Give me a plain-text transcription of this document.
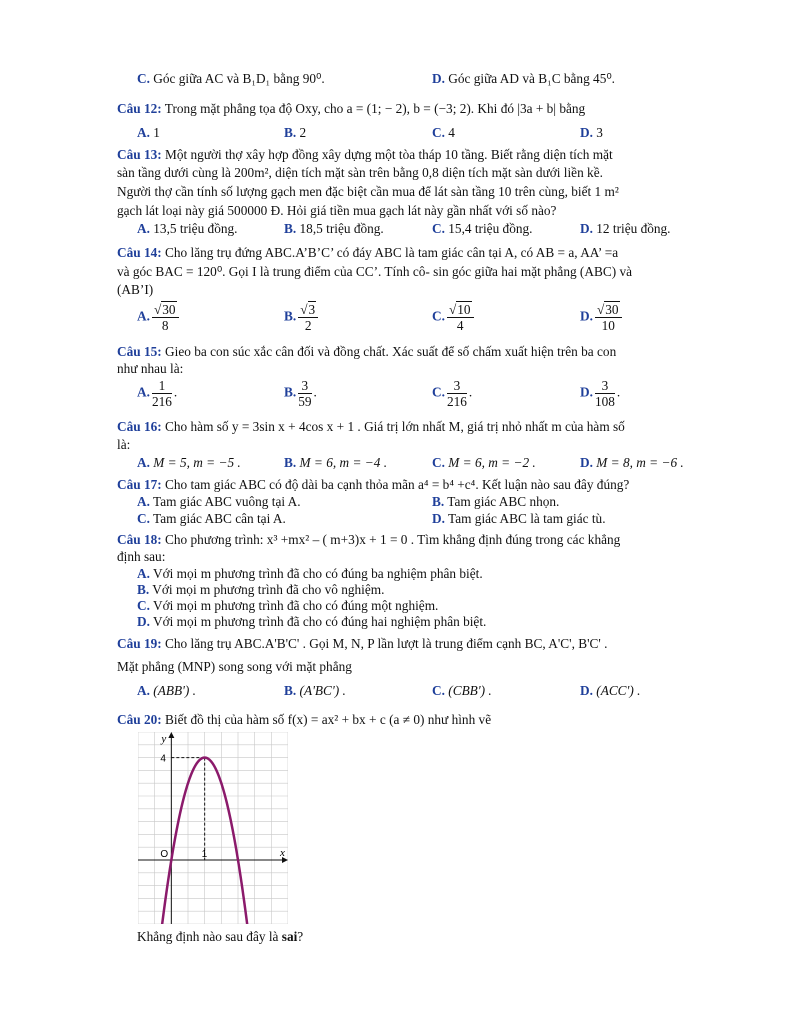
C. Góc giữa AC và B₁D₁ bằng 90⁰.	D. Góc giữa AD và B₁C bằng 45⁰.
Câu 12: Trong mặt phẳng tọa độ Oxy, cho a = (1; − 2), b = (−3; 2). Khi đó |3a + b| bằng
A. 1	B. 2	C. 4	D. 3
Câu 13: Một người thợ xây hợp đồng xây dựng một tòa tháp 10 tầng. Biết rằng diện tích mặt
sàn tầng dưới cùng là 200m², diện tích mặt sàn trên bằng 0,8 diện tích mặt sàn dưới liền kề.
Người thợ cần tính số lượng gạch men đặc biệt cần mua để lát sàn tầng 10 trên cùng, biết 1 m²
gạch lát loại này giá 500000 Đ. Hỏi giá tiền mua gạch lát này gần nhất với số nào?
A. 13,5 triệu đồng.	B. 18,5 triệu đồng.	C. 15,4 triệu đồng.	D. 12 triệu đồng.
Câu 14: Cho lăng trụ đứng ABC.A’B’C’ có đáy ABC là tam giác cân tại A, có AB = a, AA’ =a
và góc BAC = 120⁰. Gọi I là trung điểm của CC’. Tính cô- sin góc giữa hai mặt phẳng (ABC) và
(AB’I)
A. $\frac{√30}{8}$	B. $\frac{√3}{2}$	C. $\frac{√10}{4}$	D. $\frac{√30}{10}$
Câu 15: Gieo ba con súc xắc cân đối và đồng chất. Xác suất để số chấm xuất hiện trên ba con
như nhau là:
A. $\frac{1}{216}$ .	B. $\frac{3}{59}$ .	C. $\frac{3}{216}$ .	D. $\frac{3}{108}$ .
Câu 16: Cho hàm số y = 3sin x + 4cos x + 1 . Giá trị lớn nhất M, giá trị nhỏ nhất m của hàm số
là:
A. M = 5, m = −5 .	B. M = 6, m = −4 .	C. M = 6, m = −2 .	D. M = 8, m = −6 .
Câu 17: Cho tam giác ABC có độ dài ba cạnh thỏa mãn a⁴ = b⁴ +c⁴. Kết luận nào sau đây đúng?
A. Tam giác ABC vuông tại A.	B. Tam giác ABC nhọn.
C. Tam giác ABC cân tại A.	D. Tam giác ABC là tam giác tù.
Câu 18: Cho phương trình: x³ +mx² – ( m+3)x + 1 = 0 . Tìm khẳng định đúng trong các khẳng
định sau:
A. Với mọi m phương trình đã cho có đúng ba nghiệm phân biệt.
B. Với mọi m phương trình đã cho vô nghiệm.
C. Với mọi m phương trình đã cho có đúng một nghiệm.
D. Với mọi m phương trình đã cho có đúng hai nghiệm phân biệt.
Câu 19: Cho lăng trụ ABC.A'B'C' . Gọi M, N, P lần lượt là trung điểm cạnh BC, A'C', B'C' .
Mặt phẳng (MNP) song song với mặt phẳng
A. (ABB') .	B. (A'BC') .	C. (CBB') .	D. (ACC') .
Câu 20: Biết đồ thị của hàm số f(x) = ax² + bx + c (a ≠ 0) như hình vẽ
y
x
O	1
4
Khẳng định nào sau đây là sai?
